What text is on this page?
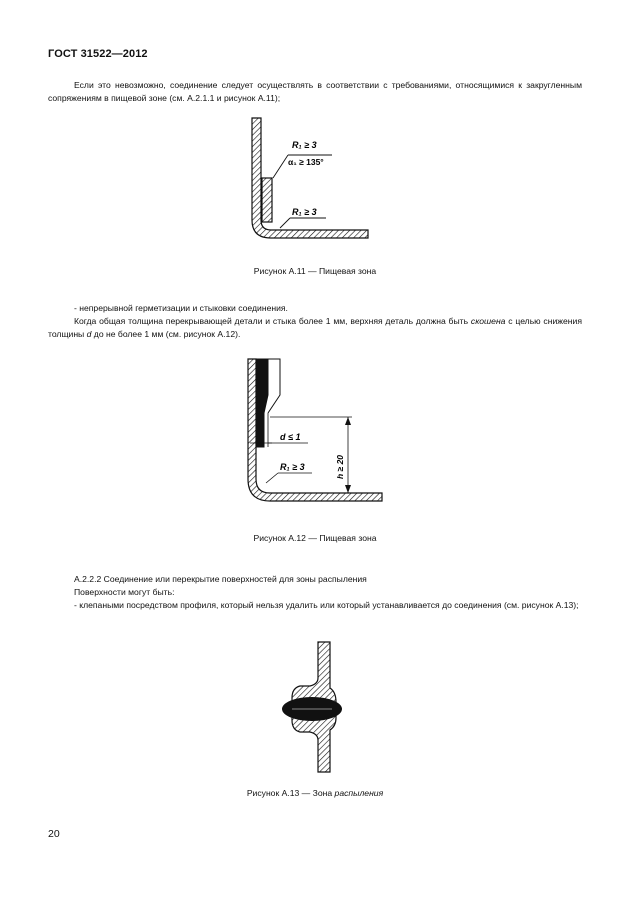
ГОСТ 31522—2012
Если это невозможно, соединение следует осуществлять в соответствии с требованиями, относящимися к закругленным сопряжениям в пищевой зоне (см. А.2.1.1 и рисунок А.11);
R₁ ≥ 3
α₁ ≥ 135°
R₁ ≥ 3
Рисунок А.11 — Пищевая зона
- непрерывной герметизации и стыковки соединения.
Когда общая толщина перекрывающей детали и стыка более 1 мм, верхняя деталь должна быть скошена с целью снижения толщины d до не более 1 мм (см. рисунок А.12).
h ≥ 20
d ≤ 1
R₁ ≥ 3
Рисунок А.12 — Пищевая зона
А.2.2.2 Соединение или перекрытие поверхностей для зоны распыления
Поверхности могут быть:
- клепаными посредством профиля, который нельзя удалить или который устанавливается до соединения (см. рисунок А.13);
Рисунок А.13 — Зона распыления
20
